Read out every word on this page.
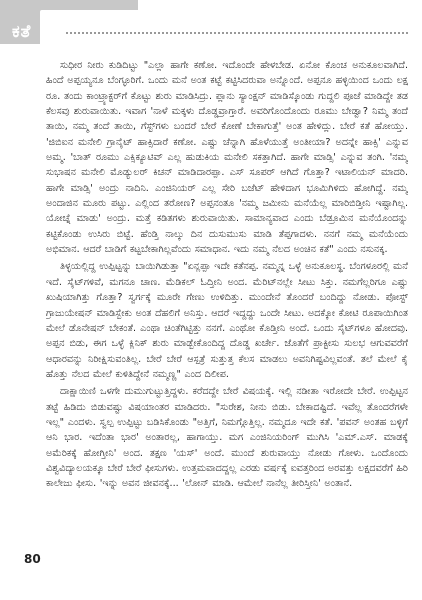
ಕತೆ

ಸುಧೀರ ನೀರು ಕುಡಿದಿಟ್ಟು "ಎಲ್ಲಾ ಹಾಗೇ ಕಣೋ. ಇದೊಂದೇ ಹೇಳಬೇಡ. ಏನೋ ಕೊಂಚ ಅನುಕೂಲವಾಗಿದೆ. ಹಿಂದೆ ಅಪ್ಪಯ್ಯನೂ ಬೆಂಗ್ಳೂರಿಗೆ. ಒಂದು ಮನೆ ಅಂತ ಕಟ್ಟೆ ಕಟ್ಟಿಸಿದರುವಾ ಅನ್ನೊಂದೆ. ಅಪ್ಪನೂ ಹಳ್ಳಿಯಿಂದ ಒಂದು ಲಕ್ಷ ರೂ. ತಂದು ಕಾಂಟ್ರ್ಯಾಕ್ಟರ್‌ಗೆ ಕೊಟ್ಟು ಶುರು ಮಾಡಿಸಿದ್ರು. ಪ್ಲಾನು ಸ್ಯಾಂಕ್ಷನ್ ಮಾಡಿಸ್ಕೊಂಡು ಗುದ್ದಲಿ ಪೂಜೆ ಮಾಡಿದ್ದೇ ತಡ ಕೆಲಸವು ಶುರುವಾಯಿತು. ಇವಾಗ 'ನಾಳೆ ಮಕ್ಕಳು ದೊಡ್ಡವ್ರಾಗ್ತಾರೆ. ಅವರಿಗೊಂದೊಂದು ರೂಮು ಬೇಡ್ವಾ? ನಿಮ್ಮ ತಂದೆ ತಾಯಿ, ನಮ್ಮ ತಂದೆ ತಾಯಿ, ಗೆಸ್ಟ್‌ಗಳು ಬಂದರೆ ಬೇರೆ ಕೋಣೆ ಬೇಕಾಗುತ್ತೆ' ಅಂತ ಹೇಳಿದ್ಲು. ಬೇರೆ ಕತೆ ಹೋಯ್ತು. 'ಜಿಬಿಐನ ಮನೇಲಿ ಗ್ರಾನೈಟ್ ಹಾಕ್ಸಿದಾರೆ ಕಣೋ. ಎಷ್ಟು ಚೆನ್ನಾಗಿ ಹೊಳೆಯುತ್ತೆ ಅಂತೀಯಾ? ಅದನ್ನೇ ಹಾಕ್ಸಿ' ಎನ್ನುವ ಅಮ್ಮ. 'ಬಾತ್ ರೂಮು ಎಕ್ಸಿಕ್ಯೂಟಿವ್ ಎಲ್ಲ ಹುಡುಕಿಯ ಮನೇಲಿ ಸಕತ್ತಾಗಿದೆ. ಹಾಗೇ ಮಾಡ್ಸಿ' ಎನ್ನುವ ತಂಗಿ. 'ನಮ್ಮ ಸುಭಾಷನ ಮನೇಲಿ ಮೊಡ್ಯುಲರ್ ಕಿಚನ್ ಮಾಡಿದಾರಪ್ಪಾ. ಎಸ್ ಸೂಪರ್ ಆಗಿದೆ ಗೊತ್ತಾ? ಇಟಾಲಿಯನ್ ಮಾದರಿ. ಹಾಗೇ ಮಾಡ್ಸಿ' ಅಂದ್ರು ನಾದಿನಿ. ಎಂಜಿನಿಯರ್ ಎಲ್ಲ ಸೇರಿ ಬಜೆಟ್ ಹೇಳಿದಾಗ ಭೂಮಿಗಿಳಿದು ಹೋಗಿದ್ದೆ. ನಮ್ಮ ಅಂದಾಜಿನ ಮೂರು ಪಟ್ಟು. ಎಲ್ಲಿಂದ ತರೋಣ? ಅಪ್ಪನಂತೂ 'ನಮ್ಮ ಜಮೀನು ಮನೆಯೆಲ್ಲ ಮಾರಿಬಿಡ್ತೀನಿ ಇಷ್ಟಾಗಿಲ್ಲ. ಯೋಚ್ನೆ ಮಾಡು' ಅಂದ್ರು. ಮತ್ತೆ ಕಡಿತಗಳು ಶುರುವಾಯಿತು. ಸಾಮಾನ್ಯವಾದ ಎಂದು ಬೆಡ್ರೂಮಿನ ಮನೆಯೊಂದನ್ನು ಕಟ್ಟಿಕೊಂಡು ಉಸಿರು ಬಿಟ್ಟೆ. ಹೆಂಡ್ತಿ ನಾಲ್ಕು ದಿನ ದುಸುಮುಸು ಮಾಡಿ ತೆಪ್ಪಗಾದಳು. ನನಗೆ ನಮ್ಮ ಮನೆಯೆಂದು ಅಭಿಮಾನ. ಆದರೆ ಬಾಡಿಗೆ ಕಟ್ಟಬೇಕಾಗಿಲ್ಲವೆಂದು ಸಮಾಧಾನ. ಇದು ನಮ್ಮ ನೆಲದ ಅಂಚಿನ ಕತೆ" ಎಂದು ನಸುನಕ್ಕ.

ತಿಳ್ಳಯಲ್ಲಿದ್ದ ಉಪ್ಪಿಟ್ಟನ್ನು ಬಾಯಿಗಿಡುತ್ತಾ "ಏನ್ಲಪ್ಪಾ ಇದೇ ಕತೆನಪ್ಪ. ನಮ್ಮನ್ನ ಒಳ್ಳೆ ಅನುಕೂಲಸ್ಥ. ಬೆಂಗಳೂರಲ್ಲಿ ಮನೆ ಇದೆ. ಸೈಟ್‌ಗಳಿವೆ, ಮಗನೂ ಚಾಣ. ಮೆಡಿಕಲ್ ಓದ್ತೀನಿ ಅಂದ. ಮೆರಿಟ್‌ನಲ್ಲೇ ಸೀಟು ಸಿಕ್ತು. ನಮಗೆಲ್ಲರಿಗೂ ಎಷ್ಟು ಖುಷಿಯಾಗಿತ್ತು ಗೊತ್ತಾ? ಸ್ವರ್ಗಕ್ಕೆ ಮೂರೇ ಗೇಣು ಉಳಿದಿತ್ತು. ಮುಂದೇನೆ ತೊಂದರೆ ಬಂದಿದ್ದು ನೋಡು. ಪೋಸ್ಟ್ ಗ್ರಾಜುಯೇಷನ್ ಮಾಡಿಸ್ಬೇಕು ಅಂತ ದೆಹಲಿಗೆ ಅನಿಸ್ತು. ಆದರೆ ಇದ್ದದ್ದು ಒಂದೇ ಸೀಟು. ಅದಕ್ಕೋ ಕೋಟಿ ರೂಪಾಯಿಗಿಂತ ಮೇಲೆ ಡೊನೇಷನ್ ಬೇಕಂತೆ. ಎಂಥಾ ಚಿಂತೆಗಿಟ್ಟಿತ್ತು ನನಗೆ. ಎಂಥೋ ಕೊಡ್ತೀನಿ ಅಂದೆ. ಒಂದು ಸೈಟ್‌ಗಳೂ ಹೋದವು. ಅಪ್ಪನ ಬಿಡು, ಈಗ ಒಳ್ಳೆ ಕ್ಲಿನಿಕ್ ಶುರು ಮಾಡ್ಬೇಕೊಂದಿದ್ದ ದೊಡ್ಡ ಖರ್ಚೇ. ಜೊತೆಗೆ ಪ್ರಾಕ್ಟೀಸು ಸುಲಭ ಆಗುವವರೆಗೆ ಆಧಾರವನ್ನು ನಿರೀಕ್ಷಿಸುವಂತಿಲ್ಲ. ಬೇರೆ ಬೇರೆ ಆಸ್ಪತ್ರೆ ಸುತ್ತುತ್ತ ಕೆಲಸ ಮಾಡಲು ಅವನಿಗಿಷ್ಟವಿಲ್ಲವಂತೆ. ತಲೆ ಮೇಲೆ ಕೈ ಹೊತ್ತು ನೆಲದ ಮೇಲೆ ಕುಳಿತಿದ್ದೇನೆ ನಮ್ಮಣ್ಣ" ಎಂದ ದಿಲೀಪ.

ದಾಕ್ಷಾಯಿಣಿ ಒಳಗೇ ದುಮುಗುಟ್ಟುತ್ತಿದ್ದಳು. ಕರೆದದ್ದೇ ಬೇರೆ ವಿಷಯಕ್ಕೆ. ಇಲ್ಲಿ ನಡೀತಾ ಇರೋದೇ ಬೇರೆ. ಉಪ್ಪಿಟ್ಟನ ತಟ್ಟೆ ಹಿಡಿದು ಬಿಡುವಷ್ಟು ವಿಷಯಾಂತರ ಮಾಡಿದರು. "ಸುರೇಶ, ನೀನು ಬಿಡು. ಬೇಕಾದಷ್ಟಿದೆ. ಇವೆಲ್ಲ ತೊಂದರೆಗಳೇ ಇಲ್ಲ" ಎಂದಳು. ಸ್ವಲ್ಪ ಉಪ್ಪಿಟ್ಟು ಬಡಿಸಿಕೊಂಡು "ಅತ್ತಿಗೆ, ನಿಮಗ್ಗೊತ್ತಿಲ್ಲ. ನಮ್ಮದೂ ಇದೇ ಕತೆ. 'ಪವನ್ ಅಂತಹ ಬಳ್ಳಿಗೆ ಆನಿ ಭಾರ. ಇದೆಂತಾ ಭಾರ' ಅಂತಾರಲ್ಲ, ಹಾಗಾಯ್ತು. ಮಗ ಎಂಜಿನಿಯರಿಂಗ್ ಮುಗಿಸಿ 'ಎಮ್.ಎಸ್. ಮಾಡಕ್ಕೆ ಅಮೆರಿಕಕ್ಕೆ ಹೋಗ್ತೀನಿ' ಅಂದ. ತಕ್ಷಣ 'ಯಸ್' ಅಂದೆ. ಮುಂದೆ ಶುರುವಾಯ್ತು ನೋಡು ಗೋಳು. ಒಂದೊಂದು ವಿಶ್ವವಿದ್ಯಾಲಯಕ್ಕೂ ಬೇರೆ ಬೇರೆ ಫೀಸುಗಳು. ಉತ್ತಮವಾದದ್ದಲ್ಲ ಎರಡು ವರ್ಷಕ್ಕೆ ಐವತ್ತರಿಂದ ಅರವತ್ತು ಲಕ್ಷದವರೆಗೆ ಹಿರಿ ಕಾಲೇಜು ಫೀಸು. 'ಇನ್ನು ಅವನ ಜೀವನಕ್ಕೆ... 'ಲೋನ್ ಮಾಡಿ. ಆಮೇಲೆ ನಾನೆಲ್ಲ ತೀರಿಸ್ತೀನಿ' ಅಂತಾನೆ.

80
